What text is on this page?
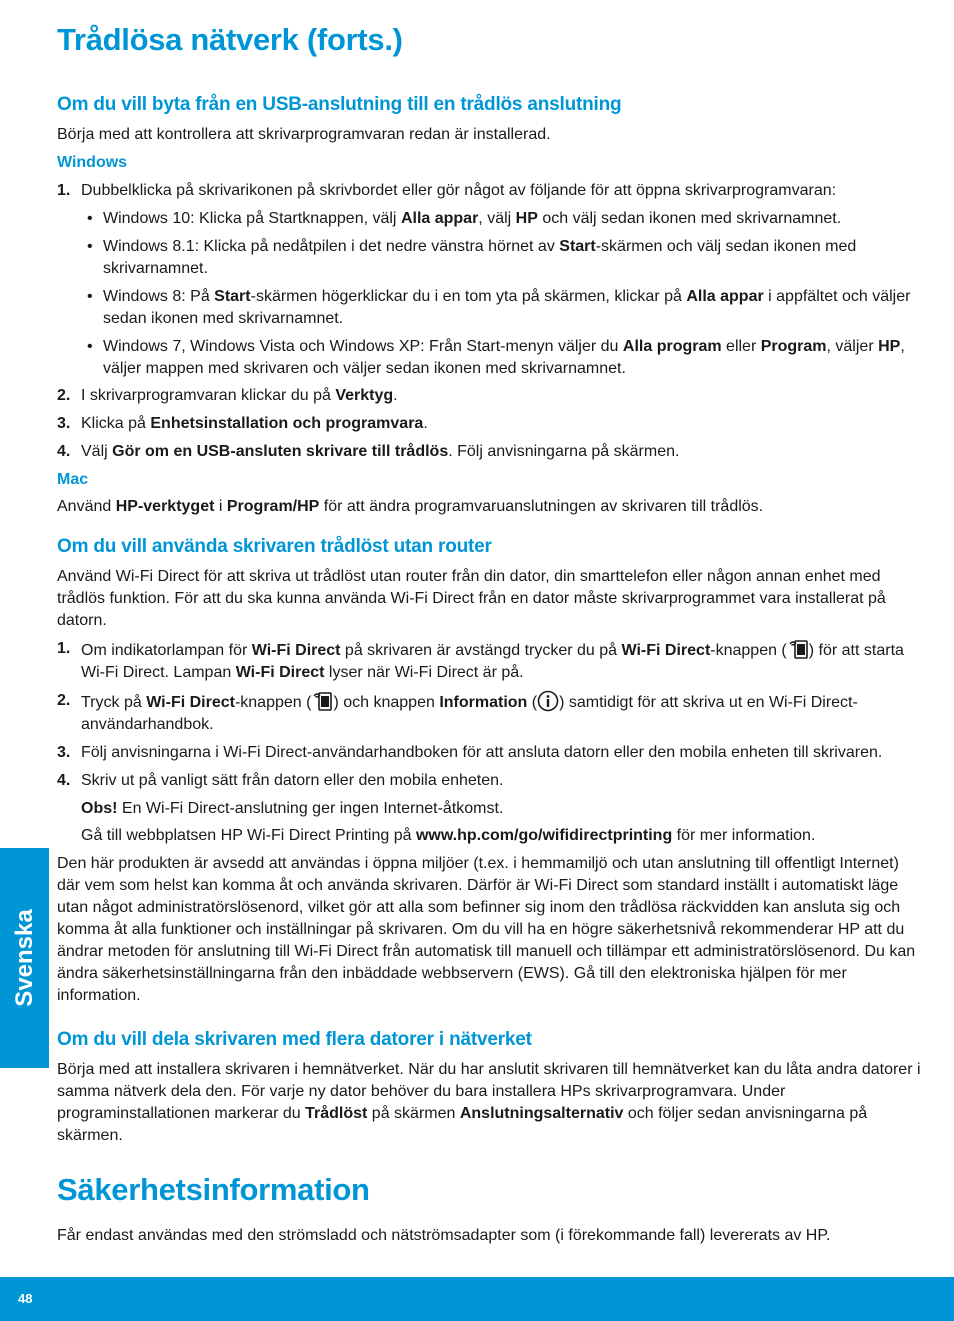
Trådlösa nätverk (forts.)

Om du vill byta från en USB-anslutning till en trådlös anslutning

Börja med att kontrollera att skrivarprogramvaran redan är installerad.

Windows

1. Dubbelklicka på skrivarikonen på skrivbordet eller gör något av följande för att öppna skrivarprogramvaran:

• Windows 10: Klicka på Startknappen, välj Alla appar, välj HP och välj sedan ikonen med skrivarnamnet.

• Windows 8.1: Klicka på nedåtpilen i det nedre vänstra hörnet av Start-skärmen och välj sedan ikonen med skrivarnamnet.

• Windows 8: På Start-skärmen högerklickar du i en tom yta på skärmen, klickar på Alla appar i appfältet och väljer sedan ikonen med skrivarnamnet.

• Windows 7, Windows Vista och Windows XP: Från Start-menyn väljer du Alla program eller Program, väljer HP, väljer mappen med skrivaren och väljer sedan ikonen med skrivarnamnet.

2. I skrivarprogramvaran klickar du på Verktyg.

3. Klicka på Enhetsinstallation och programvara.

4. Välj Gör om en USB-ansluten skrivare till trådlös. Följ anvisningarna på skärmen.

Mac

Använd HP-verktyget i Program/HP för att ändra programvaruanslutningen av skrivaren till trådlös.

Om du vill använda skrivaren trådlöst utan router

Använd Wi-Fi Direct för att skriva ut trådlöst utan router från din dator, din smarttelefon eller någon annan enhet med trådlös funktion. För att du ska kunna använda Wi-Fi Direct från en dator måste skrivarprogrammet vara installerat på datorn.

1. Om indikatorlampan för Wi-Fi Direct på skrivaren är avstängd trycker du på Wi-Fi Direct-knappen ( ) för att starta Wi-Fi Direct. Lampan Wi-Fi Direct lyser när Wi-Fi Direct är på.

2. Tryck på Wi-Fi Direct-knappen ( ) och knappen Information ( ) samtidigt för att skriva ut en Wi-Fi Direct-användarhandbok.

3. Följ anvisningarna i Wi-Fi Direct-användarhandboken för att ansluta datorn eller den mobila enheten till skrivaren.

4. Skriv ut på vanligt sätt från datorn eller den mobila enheten.

Obs! En Wi-Fi Direct-anslutning ger ingen Internet-åtkomst.

Gå till webbplatsen HP Wi-Fi Direct Printing på www.hp.com/go/wifidirectprinting för mer information.

Den här produkten är avsedd att användas i öppna miljöer (t.ex. i hemmamiljö och utan anslutning till offentligt Internet) där vem som helst kan komma åt och använda skrivaren. Därför är Wi-Fi Direct som standard inställt i automatiskt läge utan något administratörslösenord, vilket gör att alla som befinner sig inom den trådlösa räckvidden kan ansluta sig och komma åt alla funktioner och inställningar på skrivaren. Om du vill ha en högre säkerhetsnivå rekommenderar HP att du ändrar metoden för anslutning till Wi-Fi Direct från automatisk till manuell och tillämpar ett administratörslösenord. Du kan ändra säkerhetsinställningarna från den inbäddade webbservern (EWS). Gå till den elektroniska hjälpen för mer information.

Om du vill dela skrivaren med flera datorer i nätverket

Börja med att installera skrivaren i hemnätverket. När du har anslutit skrivaren till hemnätverket kan du låta andra datorer i samma nätverk dela den. För varje ny dator behöver du bara installera HPs skrivarprogramvara. Under programinstallationen markerar du Trådlöst på skärmen Anslutningsalternativ och följer sedan anvisningarna på skärmen.

Säkerhetsinformation

Får endast användas med den strömsladd och nätströmsadapter som (i förekommande fall) levererats av HP.

Svenska
48
